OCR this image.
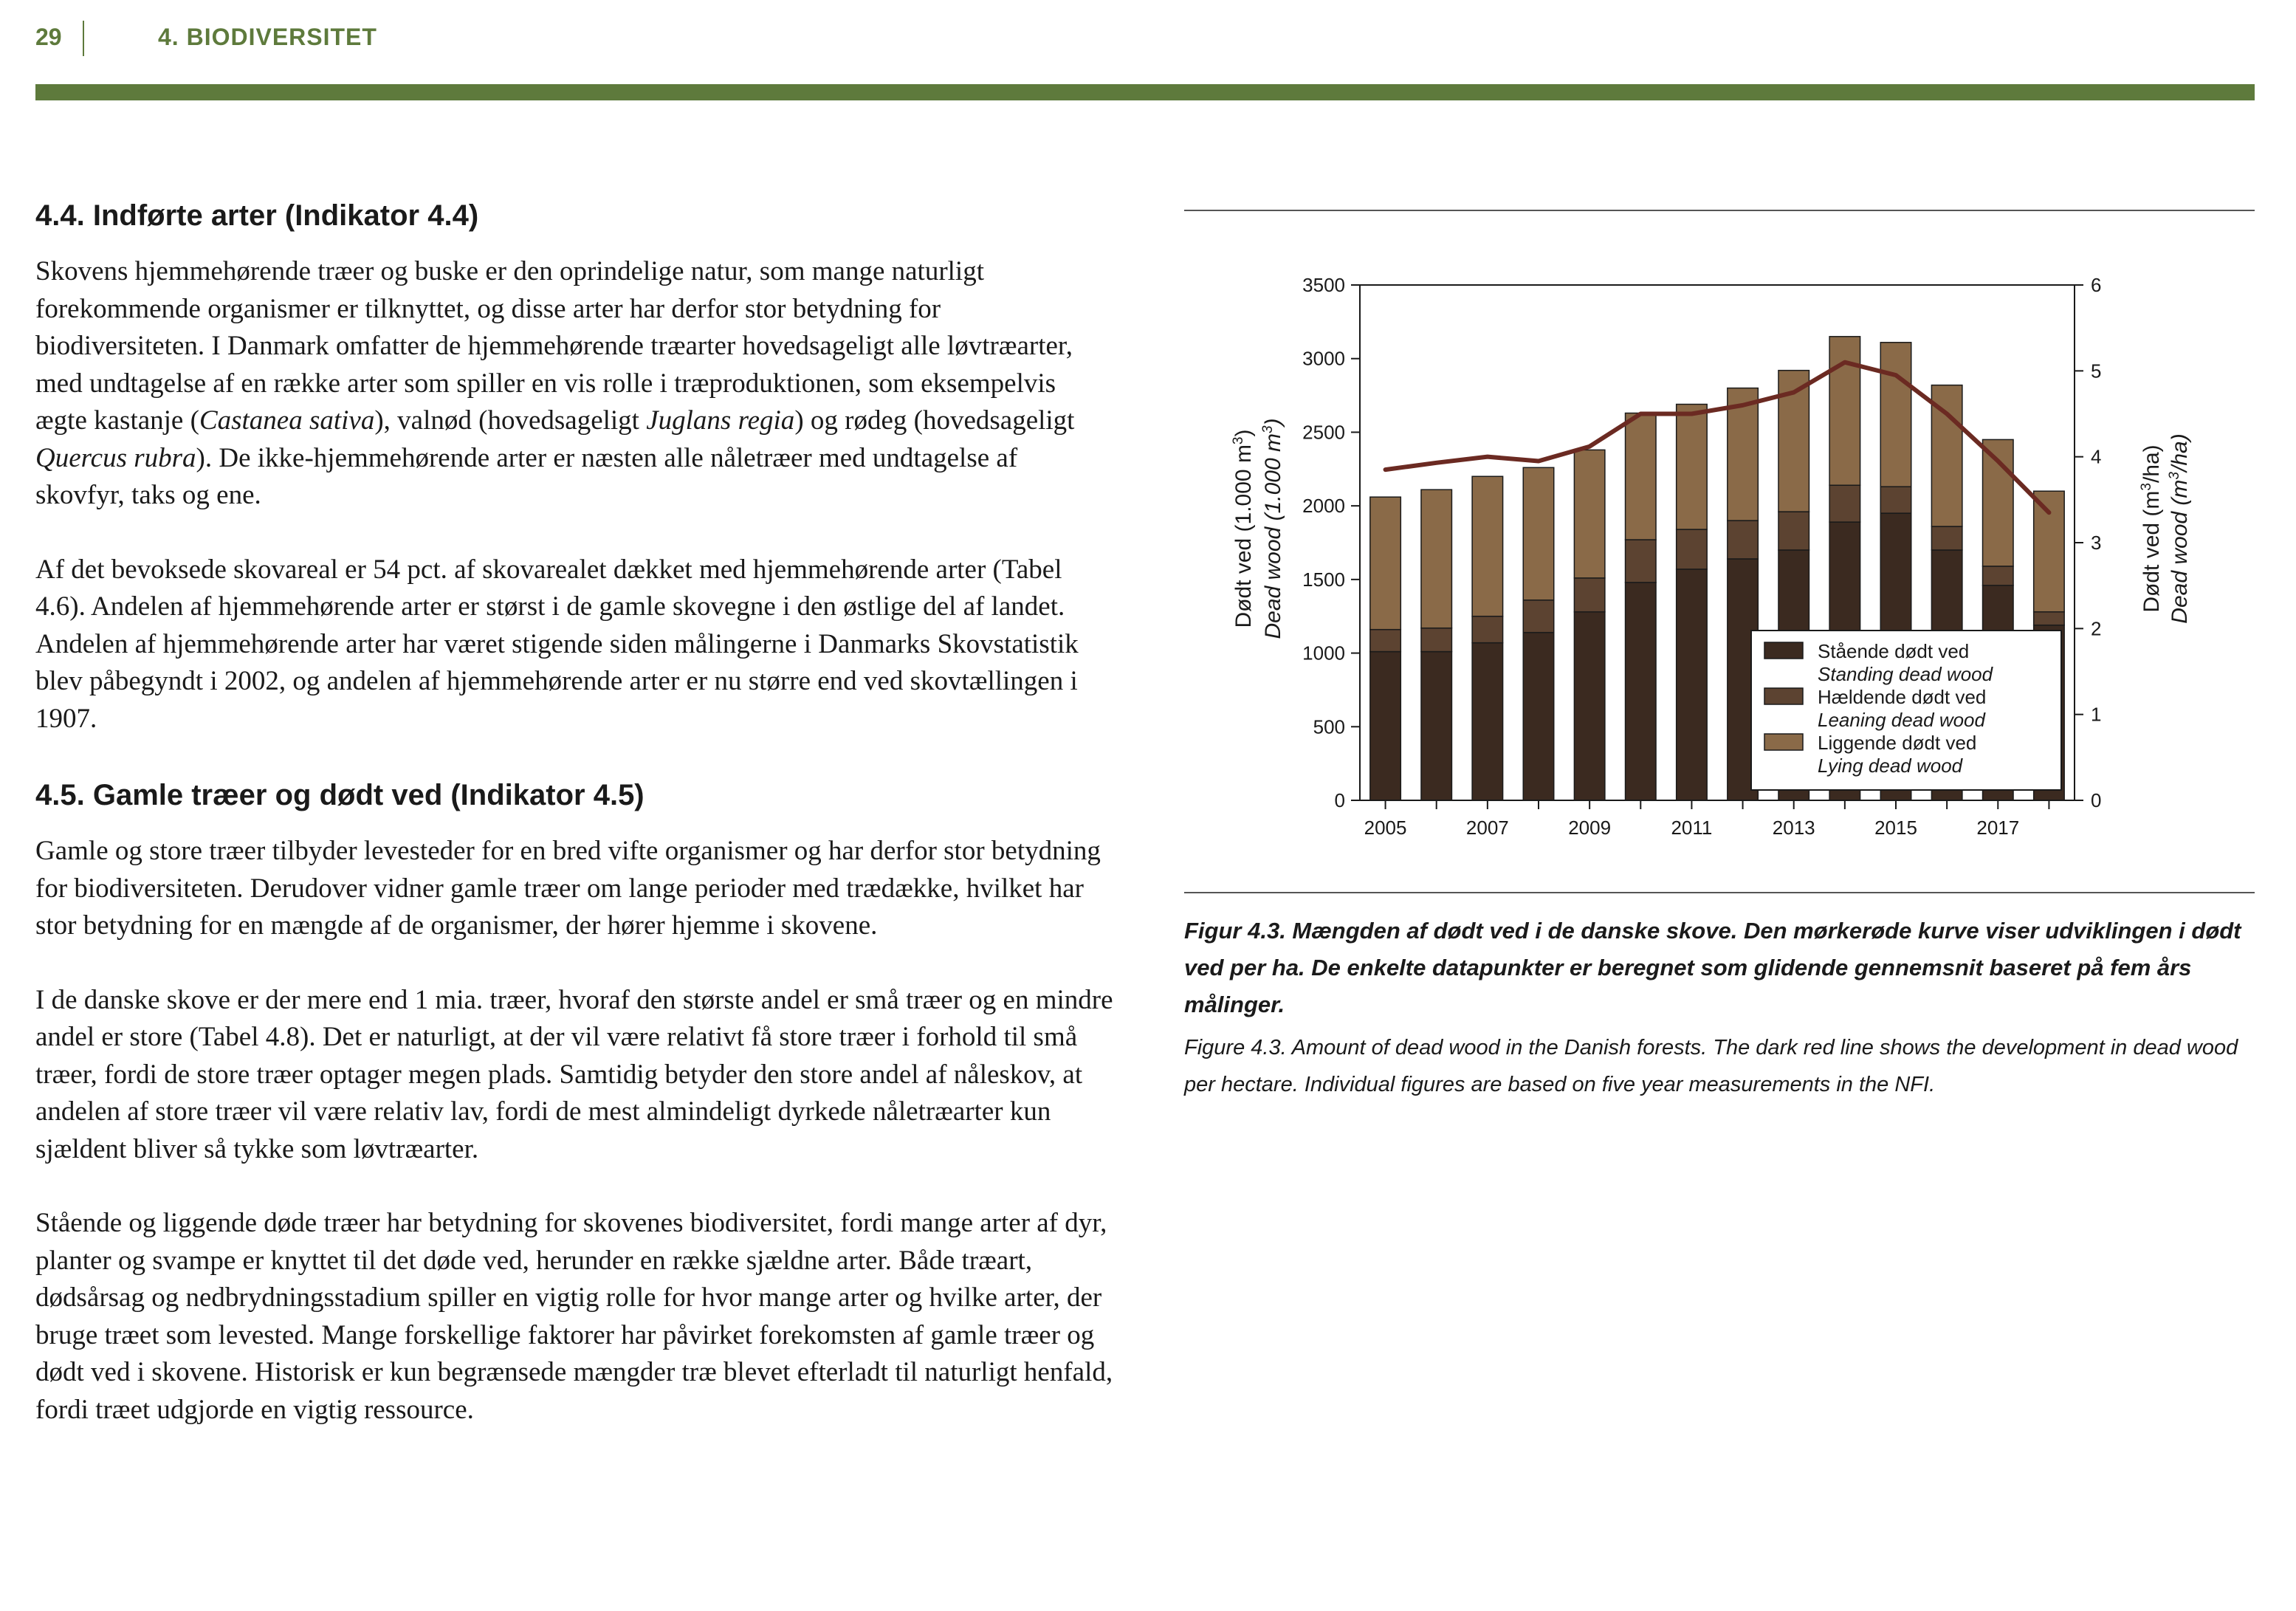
29	4. BIODIVERSITET
4.4. Indførte arter (Indikator 4.4)

Skovens hjemmehørende træer og buske er den oprindelige natur, som mange naturligt forekommende organismer er tilknyttet, og disse arter har derfor stor betydning for biodiversiteten. I Danmark omfatter de hjemmehørende træarter hovedsageligt alle løvtræarter, med undtagelse af en række arter som spiller en vis rolle i træproduktionen, som eksempelvis ægte kastanje (Castanea sativa), valnød (hovedsageligt Juglans regia) og rødeg (hovedsageligt Quercus rubra). De ikke-hjemmehørende arter er næsten alle nåletræer med undtagelse af skovfyr, taks og ene.

Af det bevoksede skovareal er 54 pct. af skovarealet dækket med hjemmehørende arter (Tabel 4.6). Andelen af hjemmehørende arter er størst i de gamle skovegne i den østlige del af landet. Andelen af hjemmehørende arter har været stigende siden målingerne i Danmarks Skovstatistik blev påbegyndt i 2002, og andelen af hjemmehørende arter er nu større end ved skovtællingen i 1907.

4.5. Gamle træer og dødt ved (Indikator 4.5)

Gamle og store træer tilbyder levesteder for en bred vifte organismer og har derfor stor betydning for biodiversiteten. Derudover vidner gamle træer om lange perioder med trædække, hvilket har stor betydning for en mængde af de organismer, der hører hjemme i skovene.

I de danske skove er der mere end 1 mia. træer, hvoraf den største andel er små træer og en mindre andel er store (Tabel 4.8). Det er naturligt, at der vil være relativt få store træer i forhold til små træer, fordi de store træer optager megen plads. Samtidig betyder den store andel af nåleskov, at andelen af store træer vil være relativ lav, fordi de mest almindeligt dyrkede nåletræarter kun sjældent bliver så tykke som løvtræarter.

Stående og liggende døde træer har betydning for skovenes biodiversitet, fordi mange arter af dyr, planter og svampe er knyttet til det døde ved, herunder en række sjældne arter. Både træart, dødsårsag og nedbrydningsstadium spiller en vigtig rolle for hvor mange arter og hvilke arter, der bruge træet som levested. Mange forskellige faktorer har påvirket forekomsten af gamle træer og dødt ved i skovene. Historisk er kun begrænsede mængder træ blevet efterladt til naturligt henfald, fordi træet udgjorde en vigtig ressource.

0
500
1000
1500
2000
2500
3000
3500
0
1
2
3
4
5
6
2005	2007	2009	2011	2013	2015	2017
Stående dødt ved
Standing dead wood
Hældende dødt ved
Leaning dead wood
Liggende dødt ved
Lying dead wood
Dødt ved (1.000 $m^3$)
Dead wood (1.000 $m^3$)
Dødt ved $(m^3/ha)$
Dead wood $(m^3/ha)$
Figur 4.3. Mængden af dødt ved i de danske skove. Den mørkerøde kurve viser udviklingen i dødt ved per ha. De enkelte datapunkter er beregnet som glidende gennemsnit baseret på fem års målinger.
Figure 4.3. Amount of dead wood in the Danish forests. The dark red line shows the development in dead wood per hectare. Individual figures are based on five year measurements in the NFI.
